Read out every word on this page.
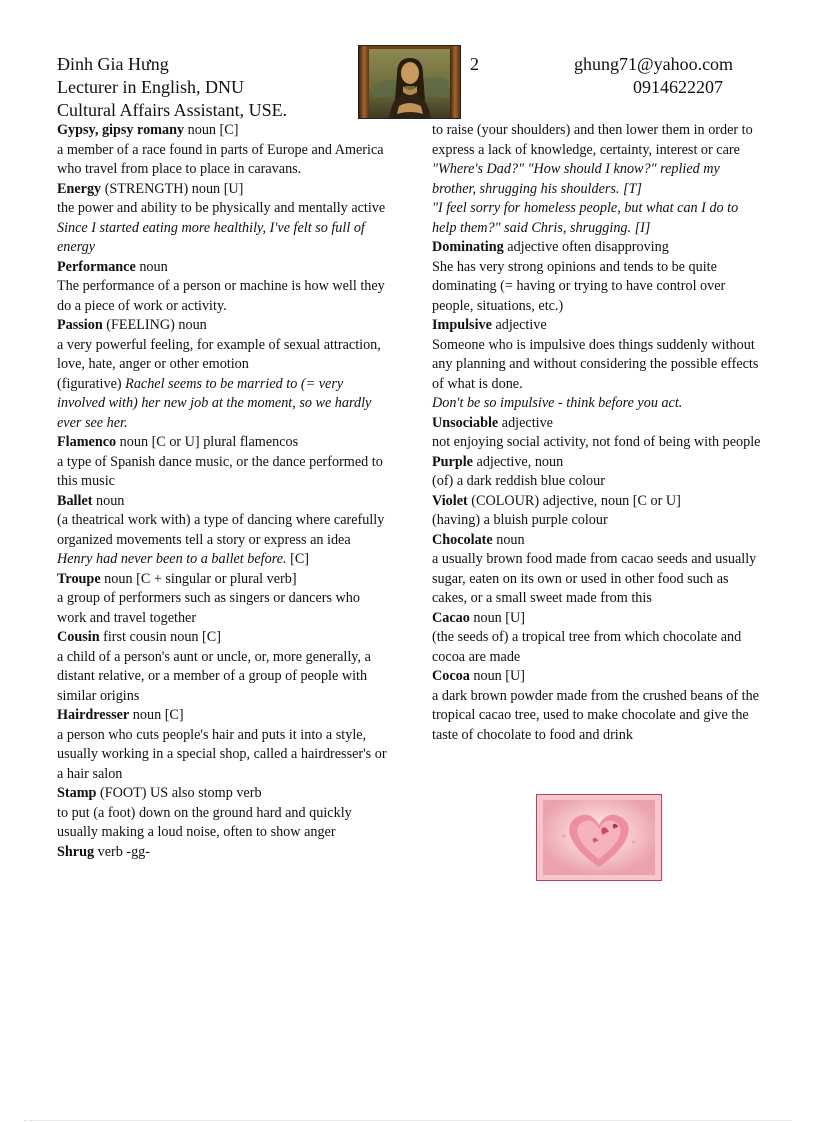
Đinh Gia Hưng
Lecturer in English, DNU
Cultural Affairs Assistant, USE.
2	ghung71@yahoo.com
0914622207

Gypsy, gipsy romany noun [C]

a member of a race found in parts of Europe and America who travel from place to place in caravans.

Energy (STRENGTH) noun [U]

the power and ability to be physically and mentally active

Since I started eating more healthily, I've felt so full of energy

Performance noun

The performance of a person or machine is how well they do a piece of work or activity.

Passion (FEELING) noun

a very powerful feeling, for example of sexual attraction, love, hate, anger or other emotion

(figurative) Rachel seems to be married to (= very involved with) her new job at the moment, so we hardly ever see her.

Flamenco noun [C or U] plural flamencos

a type of Spanish dance music, or the dance performed to this music

Ballet noun

(a theatrical work with) a type of dancing where carefully organized movements tell a story or express an idea

Henry had never been to a ballet before. [C]

Troupe noun [C + singular or plural verb]

a group of performers such as singers or dancers who work and travel together

Cousin first cousin noun [C]

a child of a person's aunt or uncle, or, more generally, a distant relative, or a member of a group of people with similar origins

Hairdresser noun [C]

a person who cuts people's hair and puts it into a style, usually working in a special shop, called a hairdresser's or a hair salon

Stamp (FOOT) US also stomp verb

to put (a foot) down on the ground hard and quickly usually making a loud noise, often to show anger

Shrug verb -gg-

to raise (your shoulders) and then lower them in order to express a lack of knowledge, certainty, interest or care

"Where's Dad?" "How should I know?" replied my brother, shrugging his shoulders. [T]

"I feel sorry for homeless people, but what can I do to help them?" said Chris, shrugging. [I]

Dominating adjective often disapproving

She has very strong opinions and tends to be quite dominating (= having or trying to have control over people, situations, etc.)

Impulsive adjective

Someone who is impulsive does things suddenly without any planning and without considering the possible effects of what is done.

Don't be so impulsive - think before you act.

Unsociable adjective

not enjoying social activity, not fond of being with people

Purple adjective, noun

(of) a dark reddish blue colour

Violet (COLOUR) adjective, noun [C or U]

(having) a bluish purple colour

Chocolate noun

a usually brown food made from cacao seeds and usually sugar, eaten on its own or used in other food such as cakes, or a small sweet made from this

Cacao noun [U]

(the seeds of) a tropical tree from which chocolate and cocoa are made

Cocoa noun [U]

a dark brown powder made from the crushed beans of the tropical cacao tree, used to make chocolate and give the taste of chocolate to food and drink
